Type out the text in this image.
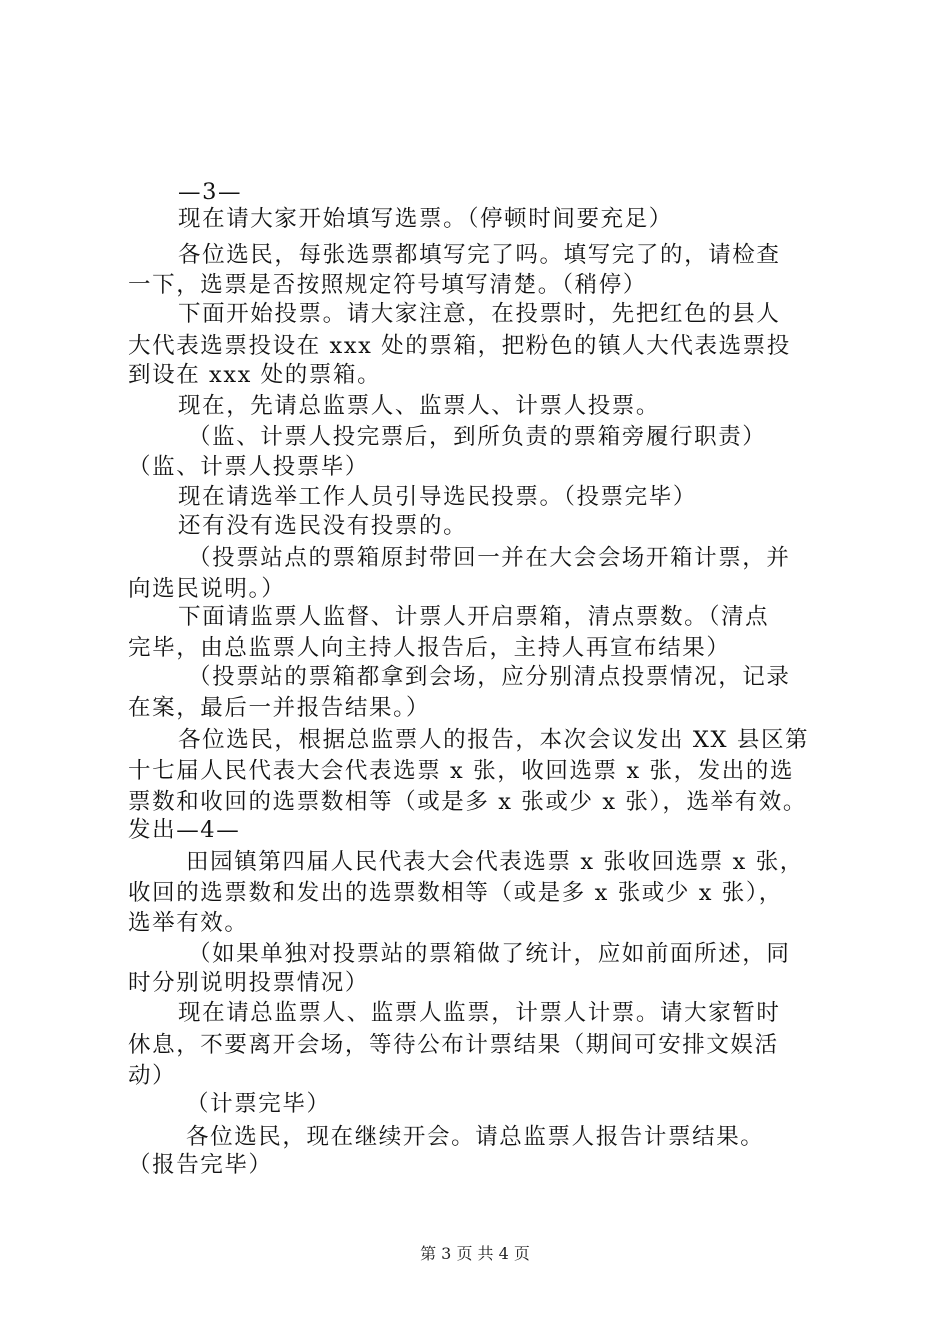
—3—
现在请大家开始填写选票。（停顿时间要充足）
各位选民，每张选票都填写完了吗。填写完了的，请检查
一下，选票是否按照规定符号填写清楚。（稍停）
下面开始投票。请大家注意，在投票时，先把红色的县人
大代表选票投设在 xxx 处的票箱，把粉色的镇人大代表选票投
到设在 xxx 处的票箱。
现在，先请总监票人、监票人、计票人投票。
（监、计票人投完票后，到所负责的票箱旁履行职责）
（监、计票人投票毕）
现在请选举工作人员引导选民投票。（投票完毕）
还有没有选民没有投票的。
（投票站点的票箱原封带回一并在大会会场开箱计票，并
向选民说明。）
下面请监票人监督、计票人开启票箱，清点票数。（清点
完毕，由总监票人向主持人报告后，主持人再宣布结果）
（投票站的票箱都拿到会场，应分别清点投票情况，记录
在案，最后一并报告结果。）
各位选民，根据总监票人的报告，本次会议发出 XX 县区第
十七届人民代表大会代表选票 x 张，收回选票 x 张，发出的选
票数和收回的选票数相等（或是多 x 张或少 x 张），选举有效。
发出—4—
田园镇第四届人民代表大会代表选票 x 张收回选票 x 张，
收回的选票数和发出的选票数相等（或是多 x 张或少 x 张），
选举有效。
（如果单独对投票站的票箱做了统计，应如前面所述，同
时分别说明投票情况）
现在请总监票人、监票人监票，计票人计票。请大家暂时
休息，不要离开会场，等待公布计票结果（期间可安排文娱活
动）
（计票完毕）
各位选民，现在继续开会。请总监票人报告计票结果。
（报告完毕）
第 3 页 共 4 页
